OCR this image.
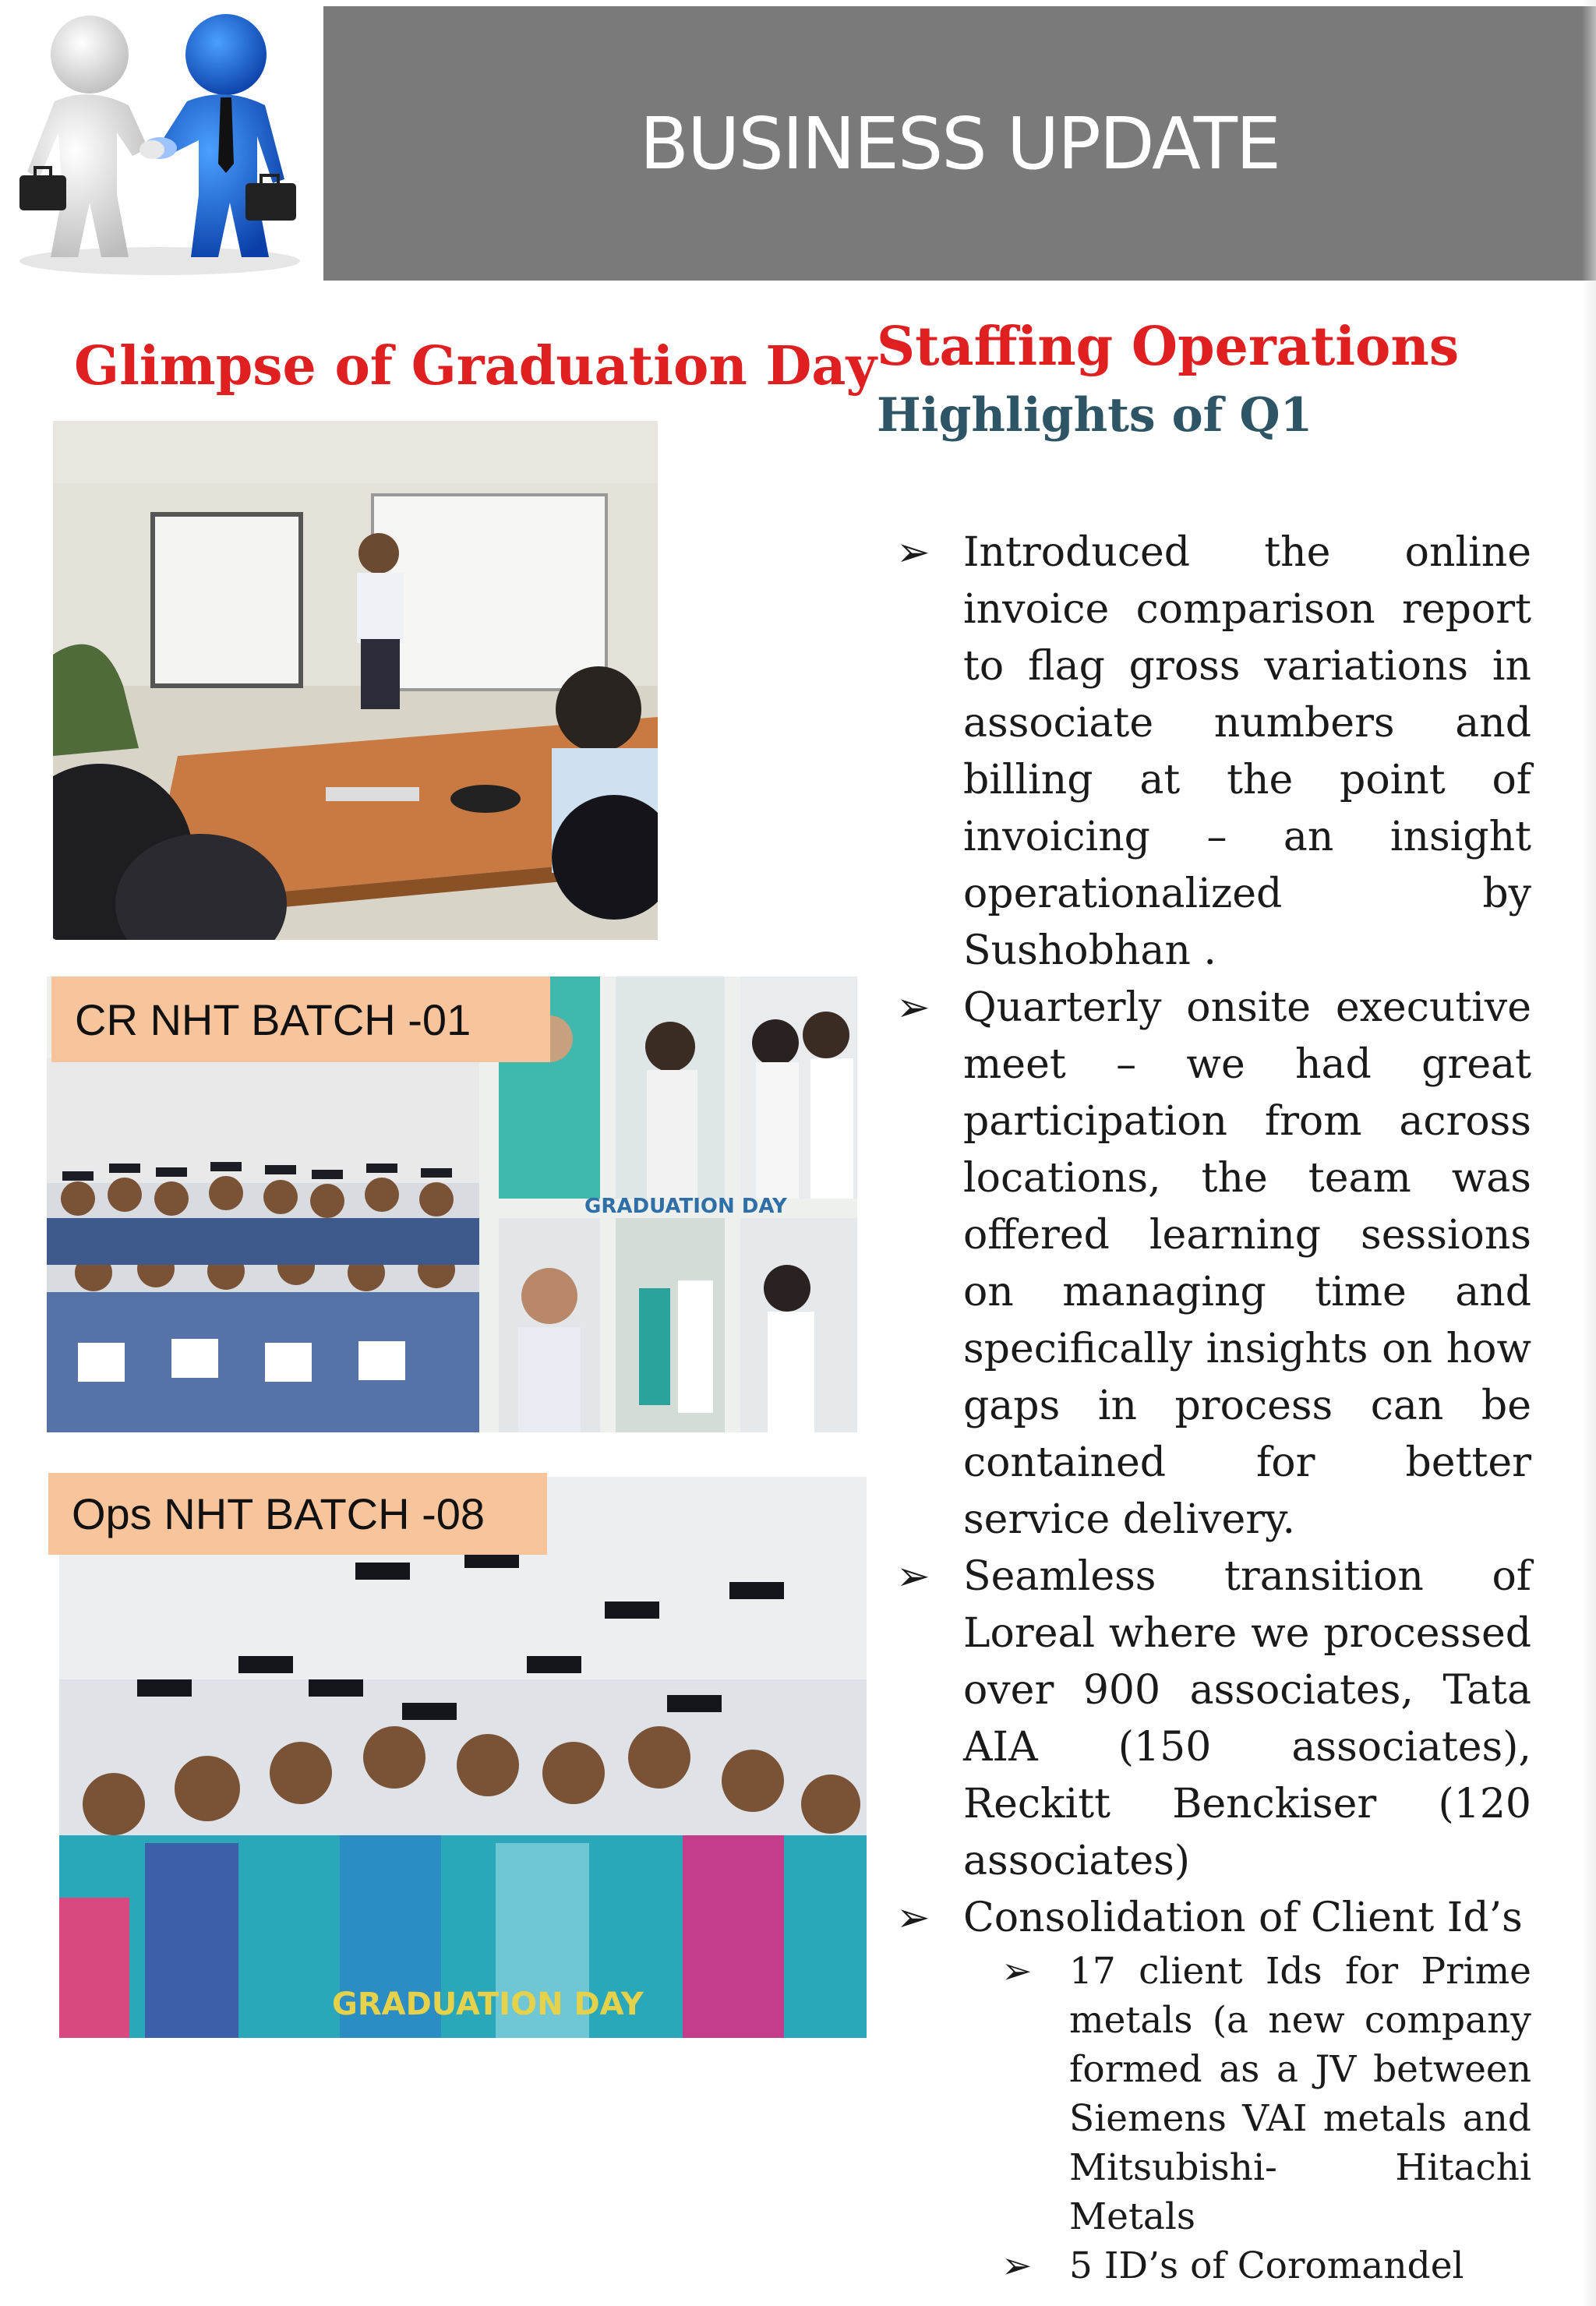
BUSINESS UPDATE
Glimpse of Graduation Day Staffing Operations
Highlights of Q1
GRADUATION DAY
CR NHT BATCH -01
GRADUATION DAY
Ops NHT BATCH -08
➢ Introduced the online invoice comparison report to flag gross variations in associate numbers and billing at the point of invoicing – an insight operationalized by Sushobhan .
➢ Quarterly onsite executive meet – we had great participation from across locations, the team was offered learning sessions on managing time and specifically insights on how gaps in process can be contained for better service delivery.
➢ Seamless transition of Loreal where we processed over 900 associates, Tata AIA (150 associates), Reckitt Benckiser (120 associates)
➢ Consolidation of Client Id’s
➢ 17 client Ids for Prime metals (a new company formed as a JV between Siemens VAI metals and Mitsubishi- Hitachi Metals
➢ 5 ID’s of Coromandel
